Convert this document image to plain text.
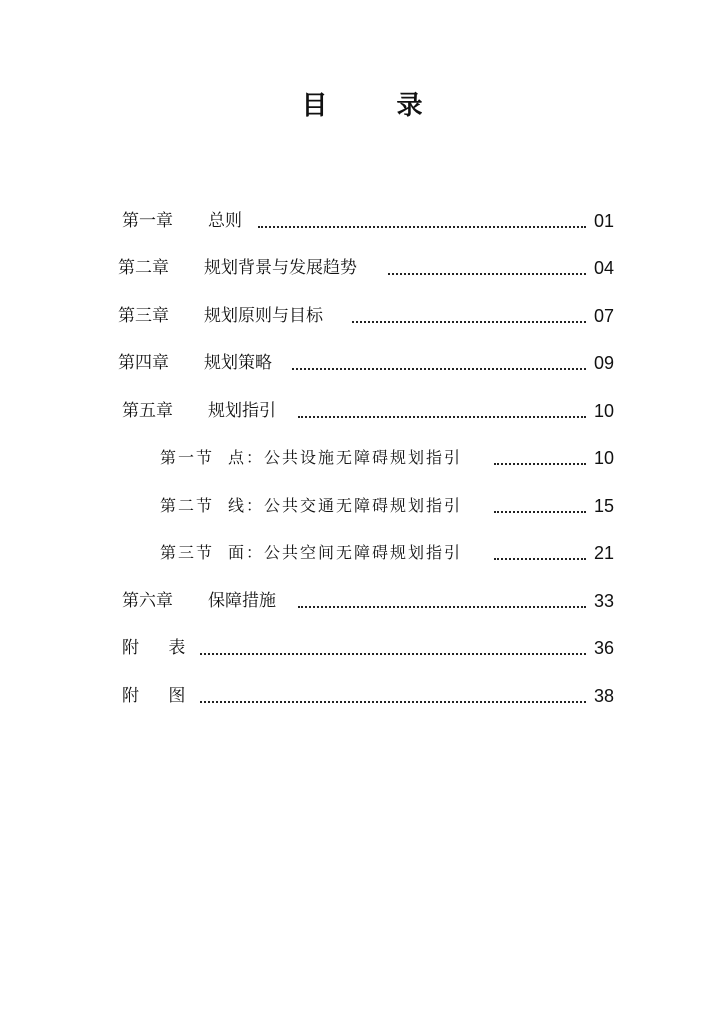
目 录
第一章 总则	01
第二章 规划背景与发展趋势	04
第三章 规划原则与目标	07
第四章 规划策略	09
第五章 规划指引	10
第一节 点：公共设施无障碍规划指引	10
第二节 线：公共交通无障碍规划指引	15
第三节 面：公共空间无障碍规划指引	21
第六章 保障措施	33
附 表	36
附 图	38
